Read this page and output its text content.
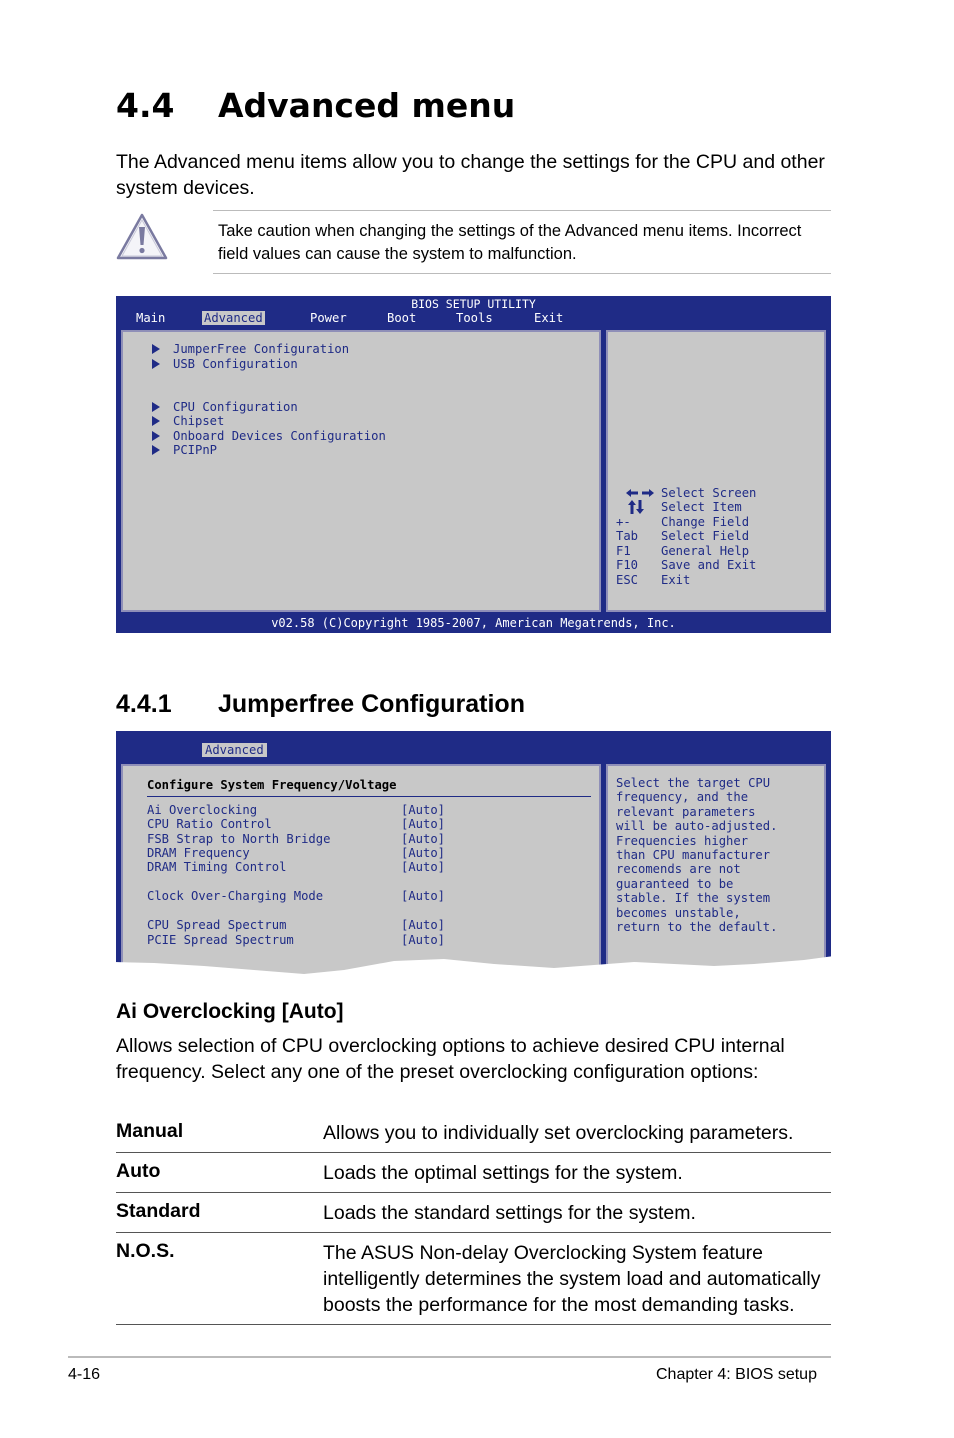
4.4 Advanced menu
The Advanced menu items allow you to change the settings for the CPU and other system devices.
Take caution when changing the settings of the Advanced menu items. Incorrect field values can cause the system to malfunction.
BIOS SETUP UTILITY
Main	Advanced	Power	Boot	Tools	Exit
JumperFree Configuration
USB Configuration
CPU Configuration
Chipset
Onboard Devices Configuration
PCIPnP
Select Screen
Select Item
+- Change Field
Tab Select Field
F1 General Help
F10 Save and Exit
ESC Exit
v02.58 (C)Copyright 1985-2007, American Megatrends, Inc.
4.4.1 Jumperfree Configuration
Advanced
Configure System Frequency/Voltage
Ai Overclocking	[Auto]
CPU Ratio Control	[Auto]
FSB Strap to North Bridge	[Auto]
DRAM Frequency	[Auto]
DRAM Timing Control	[Auto]
Clock Over-Charging Mode	[Auto]
CPU Spread Spectrum	[Auto]
PCIE Spread Spectrum	[Auto]
Select the target CPU
frequency, and the
relevant parameters
will be auto-adjusted.
Frequencies higher
than CPU manufacturer
recomends are not
guaranteed to be
stable. If the system
becomes unstable,
return to the default.
Ai Overclocking [Auto]
Allows selection of CPU overclocking options to achieve desired CPU internal frequency. Select any one of the preset overclocking configuration options:
Manual	Allows you to individually set overclocking parameters.
Auto	Loads the optimal settings for the system.
Standard	Loads the standard settings for the system.
N.O.S.	The ASUS Non-delay Overclocking System feature intelligently determines the system load and automatically boosts the performance for the most demanding tasks.
4-16	Chapter 4: BIOS setup
